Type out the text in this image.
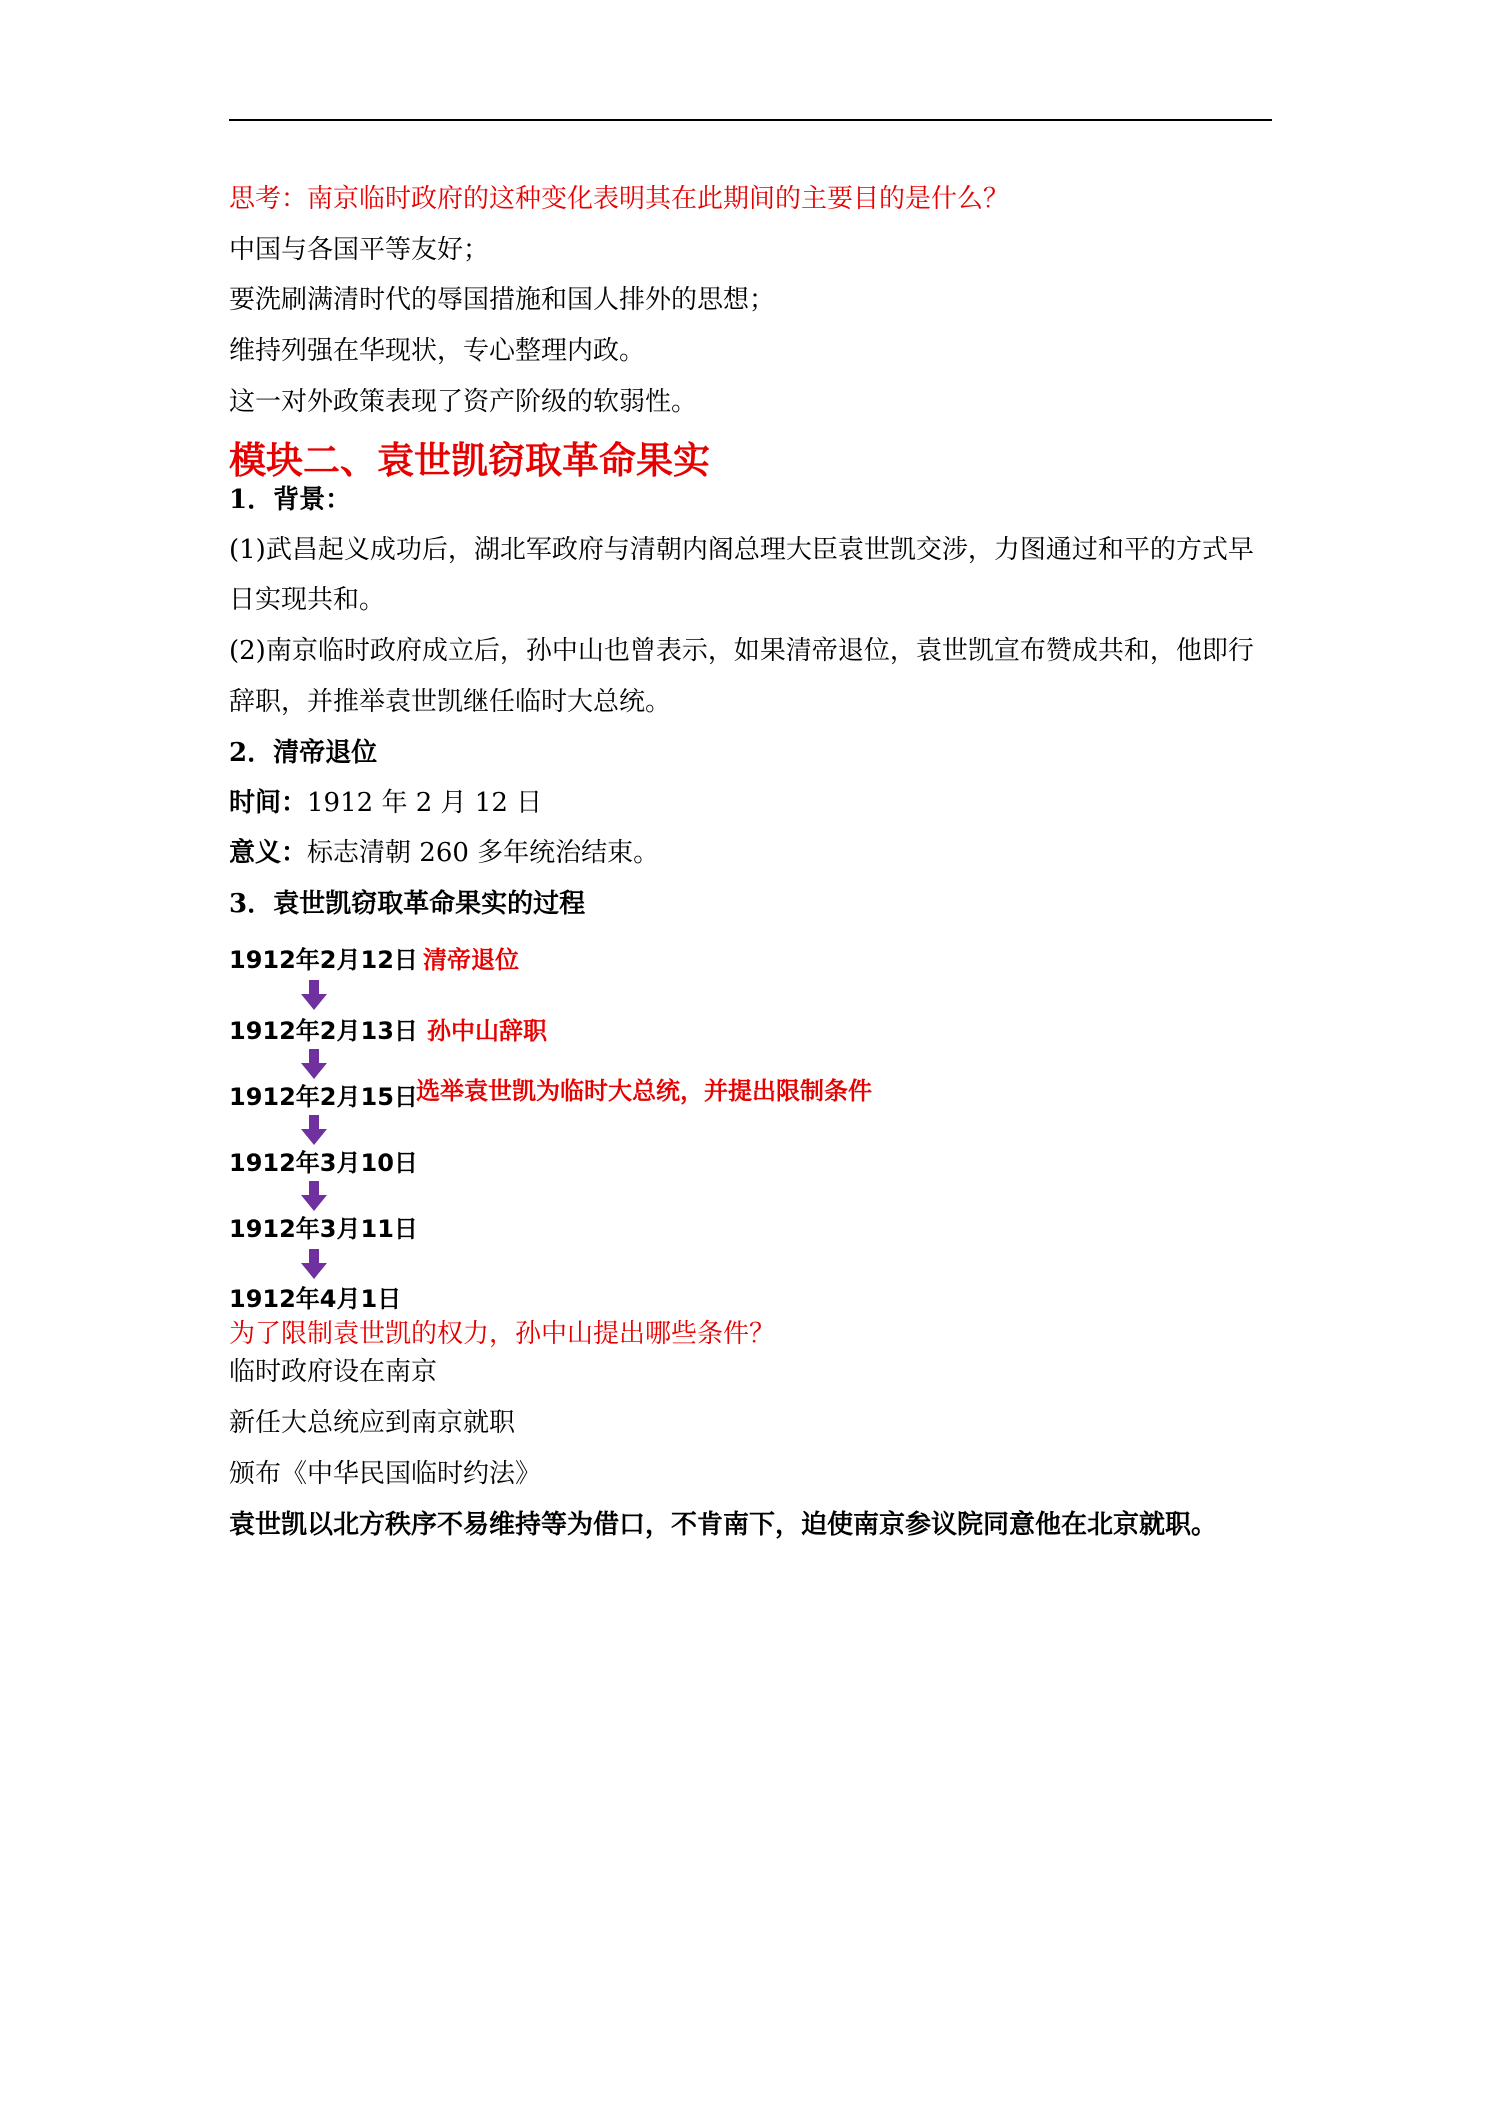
思考：南京临时政府的这种变化表明其在此期间的主要目的是什么？
中国与各国平等友好；
要洗刷满清时代的辱国措施和国人排外的思想；
维持列强在华现状，专心整理内政。
这一对外政策表现了资产阶级的软弱性。
模块二、袁世凯窃取革命果实
1．背景：
(1)武昌起义成功后，湖北军政府与清朝内阁总理大臣袁世凯交涉，力图通过和平的方式早
日实现共和。
(2)南京临时政府成立后，孙中山也曾表示，如果清帝退位，袁世凯宣布赞成共和，他即行
辞职，并推举袁世凯继任临时大总统。
2．清帝退位
时间：1912 年 2 月 12 日
意义：标志清朝 260 多年统治结束。
3．袁世凯窃取革命果实的过程
1912年2月12日 清帝退位
1912年2月13日 孙中山辞职
1912年2月15日
选举袁世凯为临时大总统，并提出限制条件
1912年3月10日
1912年3月11日
1912年4月1日
为了限制袁世凯的权力，孙中山提出哪些条件？
临时政府设在南京
新任大总统应到南京就职
颁布《中华民国临时约法》
袁世凯以北方秩序不易维持等为借口，不肯南下，迫使南京参议院同意他在北京就职。
